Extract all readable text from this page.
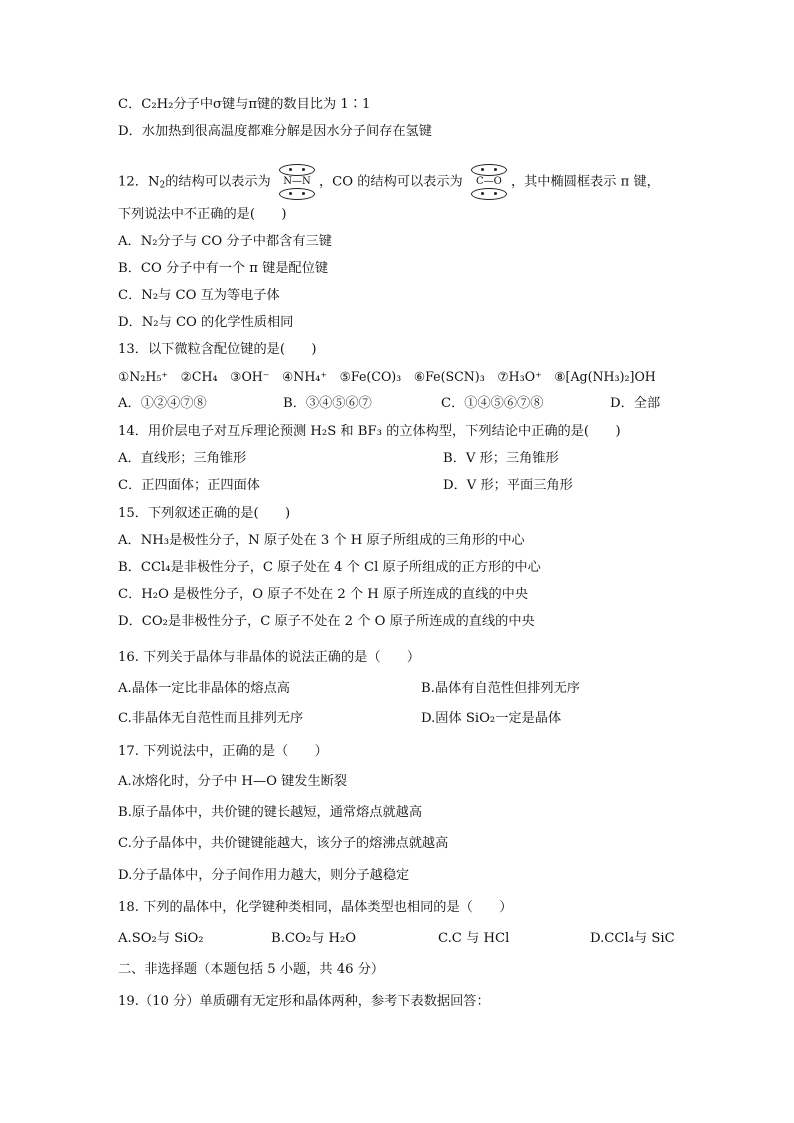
C．C₂H₂分子中σ键与π键的数目比为 1∶1
D．水加热到很高温度都难分解是因水分子间存在氢键
12．$N_2$的结构可以表示为	N—N ，CO 的结构可以表示为	C—O ，其中椭圆框表示 π 键，
下列说法中不正确的是(　　)
A．N₂分子与 CO 分子中都含有三键
B．CO 分子中有一个 π 键是配位键
C．N₂与 CO 互为等电子体
D．N₂与 CO 的化学性质相同
13．以下微粒含配位键的是(　　)
①N₂H₅⁺　②CH₄　③OH⁻　④NH₄⁺　⑤Fe(CO)₃　⑥Fe(SCN)₃　⑦H₃O⁺　⑧[Ag(NH₃)₂]OH
A．①②④⑦⑧	B．③④⑤⑥⑦	C．①④⑤⑥⑦⑧	D．全部
14．用价层电子对互斥理论预测 H₂S 和 BF₃ 的立体构型，下列结论中正确的是(　　)
A．直线形；三角锥形	B．V 形；三角锥形
C．正四面体；正四面体	D．V 形；平面三角形
15．下列叙述正确的是(　　)
A．NH₃是极性分子，N 原子处在 3 个 H 原子所组成的三角形的中心
B．CCl₄是非极性分子，C 原子处在 4 个 Cl 原子所组成的正方形的中心
C．H₂O 是极性分子，O 原子不处在 2 个 H 原子所连成的直线的中央
D．CO₂是非极性分子，C 原子不处在 2 个 O 原子所连成的直线的中央
16. 下列关于晶体与非晶体的说法正确的是（　　）
A.晶体一定比非晶体的熔点高	B.晶体有自范性但排列无序
C.非晶体无自范性而且排列无序	D.固体 SiO₂一定是晶体
17. 下列说法中，正确的是（　　）
A.冰熔化时，分子中 H—O 键发生断裂
B.原子晶体中，共价键的键长越短，通常熔点就越高
C.分子晶体中，共价键键能越大，该分子的熔沸点就越高
D.分子晶体中，分子间作用力越大，则分子越稳定
18. 下列的晶体中，化学键种类相同，晶体类型也相同的是（　　）
A.SO₂与 SiO₂	B.CO₂与 H₂O	C.C 与 HCl	D.CCl₄与 SiC
二、非选择题（本题包括 5 小题，共 46 分）
19.（10 分）单质硼有无定形和晶体两种，参考下表数据回答：
